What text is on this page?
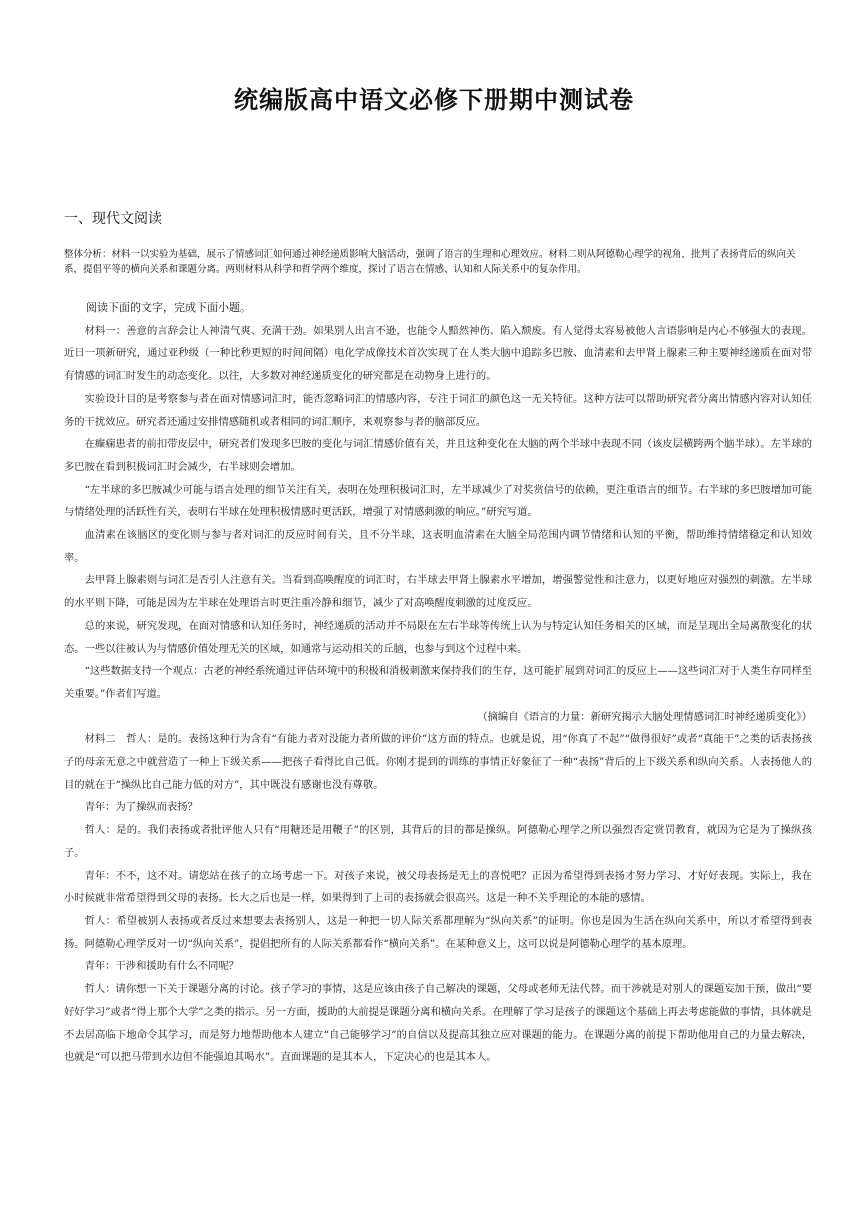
统编版高中语文必修下册期中测试卷
一、现代文阅读
整体分析：材料一以实验为基础，展示了情感词汇如何通过神经递质影响大脑活动，强调了语言的生理和心理效应。材料二则从阿德勒心理学的视角，批判了表扬背后的纵向关系，提倡平等的横向关系和课题分离。两则材料从科学和哲学两个维度，探讨了语言在情感、认知和人际关系中的复杂作用。

阅读下面的文字，完成下面小题。

材料一：善意的言辞会让人神清气爽、充满干劲。如果别人出言不逊，也能令人黯然神伤、陷入颓废。有人觉得太容易被他人言语影响是内心不够强大的表现。近日一项新研究，通过亚秒级（一种比秒更短的时间间隔）电化学成像技术首次实现了在人类大脑中追踪多巴胺、血清素和去甲肾上腺素三种主要神经递质在面对带有情感的词汇时发生的动态变化。以往，大多数对神经递质变化的研究都是在动物身上进行的。

实验设计目的是考察参与者在面对情感词汇时，能否忽略词汇的情感内容，专注于词汇的颜色这一无关特征。这种方法可以帮助研究者分离出情感内容对认知任务的干扰效应。研究者还通过安排情感随机或者相同的词汇顺序，来观察参与者的脑部反应。

在癫痫患者的前扣带皮层中，研究者们发现多巴胺的变化与词汇情感价值有关，并且这种变化在大脑的两个半球中表现不同（该皮层横跨两个脑半球）。左半球的多巴胺在看到积极词汇时会减少，右半球则会增加。

“左半球的多巴胺减少可能与语言处理的细节关注有关，表明在处理积极词汇时，左半球减少了对奖赏信号的依赖，更注重语言的细节。右半球的多巴胺增加可能与情绪处理的活跃性有关，表明右半球在处理积极情感时更活跃，增强了对情感刺激的响应。”研究写道。

血清素在该脑区的变化则与参与者对词汇的反应时间有关，且不分半球，这表明血清素在大脑全局范围内调节情绪和认知的平衡，帮助维持情绪稳定和认知效率。

去甲肾上腺素则与词汇是否引人注意有关。当看到高唤醒度的词汇时，右半球去甲肾上腺素水平增加，增强警觉性和注意力，以更好地应对强烈的刺激。左半球的水平则下降，可能是因为左半球在处理语言时更注重冷静和细节，减少了对高唤醒度刺激的过度反应。

总的来说，研究发现，在面对情感和认知任务时，神经递质的活动并不局限在左右半球等传统上认为与特定认知任务相关的区域，而是呈现出全局离散变化的状态。一些以往被认为与情感价值处理无关的区域，如通常与运动相关的丘脑，也参与到这个过程中来。

“这些数据支持一个观点：古老的神经系统通过评估环境中的积极和消极刺激来保持我们的生存，这可能扩展到对词汇的反应上——这些词汇对于人类生存同样至关重要。”作者们写道。

（摘编自《语言的力量：新研究揭示大脑处理情感词汇时神经递质变化》）

材料二　哲人：是的。表扬这种行为含有“有能力者对没能力者所做的评价”这方面的特点。也就是说，用“你真了不起”“做得很好”或者“真能干”之类的话表扬孩子的母亲无意之中就营造了一种上下级关系——把孩子看得比自己低。你刚才提到的训练的事情正好象征了一种“表扬”背后的上下级关系和纵向关系。人表扬他人的目的就在于“操纵比自己能力低的对方”，其中既没有感谢也没有尊敬。

青年：为了操纵而表扬？

哲人：是的。我们表扬或者批评他人只有“用糖还是用鞭子”的区别，其背后的目的都是操纵。阿德勒心理学之所以强烈否定赏罚教育，就因为它是为了操纵孩子。

青年：不不，这不对。请您站在孩子的立场考虑一下。对孩子来说，被父母表扬是无上的喜悦吧？正因为希望得到表扬才努力学习、才好好表现。实际上，我在小时候就非常希望得到父母的表扬。长大之后也是一样，如果得到了上司的表扬就会很高兴。这是一种不关乎理论的本能的感情。

哲人：希望被别人表扬或者反过来想要去表扬别人，这是一种把一切人际关系都理解为“纵向关系”的证明。你也是因为生活在纵向关系中，所以才希望得到表扬。阿德勒心理学反对一切“纵向关系”，提倡把所有的人际关系都看作“横向关系”。在某种意义上，这可以说是阿德勒心理学的基本原理。

青年：干涉和援助有什么不同呢？

哲人：请你想一下关于课题分离的讨论。孩子学习的事情，这是应该由孩子自己解决的课题，父母或老师无法代替。而干涉就是对别人的课题妄加干预，做出“要好好学习”或者“得上那个大学”之类的指示。另一方面，援助的大前提是课题分离和横向关系。在理解了学习是孩子的课题这个基础上再去考虑能做的事情，具体就是不去居高临下地命令其学习，而是努力地帮助他本人建立“自己能够学习”的自信以及提高其独立应对课题的能力。在课题分离的前提下帮助他用自己的力量去解决，也就是“可以把马带到水边但不能强迫其喝水”。直面课题的是其本人，下定决心的也是其本人。
